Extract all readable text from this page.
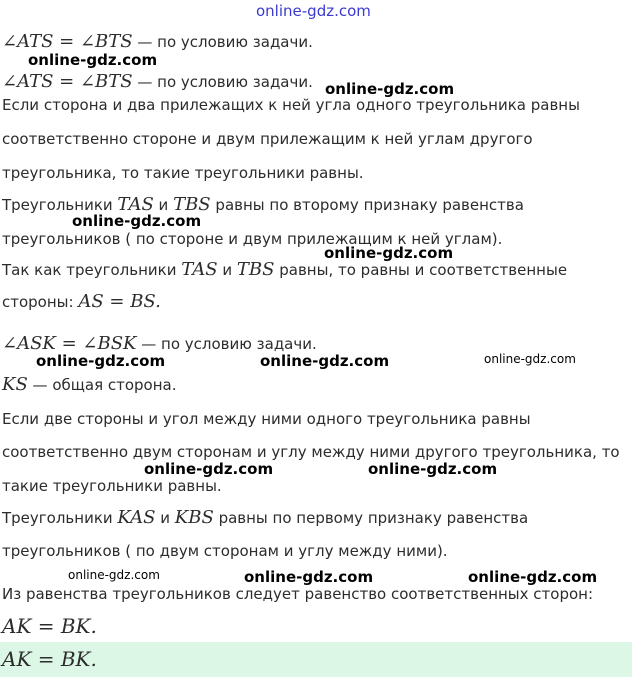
online-gdz.com
∠ATS = ∠BTS — по условию задачи.
online-gdz.com
∠ATS = ∠BTS — по условию задачи. online-gdz.com
Если сторона и два прилежащих к ней угла одного треугольника равны
соответственно стороне и двум прилежащим к ней углам другого
треугольника, то такие треугольники равны.
Треугольники TAS и TBS равны по второму признаку равенства
online-gdz.com
треугольников ( по стороне и двум прилежащим к ней углам).
online-gdz.com
Так как треугольники TAS и TBS равны, то равны и соответственные
стороны: AS = BS.
∠ASK = ∠BSK — по условию задачи.
online-gdz.com	online-gdz.com	online-gdz.com
KS — общая сторона.
Если две стороны и угол между ними одного треугольника равны
соответственно двум сторонам и углу между ними другого треугольника, то
online-gdz.com	online-gdz.com
такие треугольники равны.
Треугольники KAS и KBS равны по первому признаку равенства
треугольников ( по двум сторонам и углу между ними).
online-gdz.com	online-gdz.com	online-gdz.com
Из равенства треугольников следует равенство соответственных сторон:
AK = BK.
AK = BK.
